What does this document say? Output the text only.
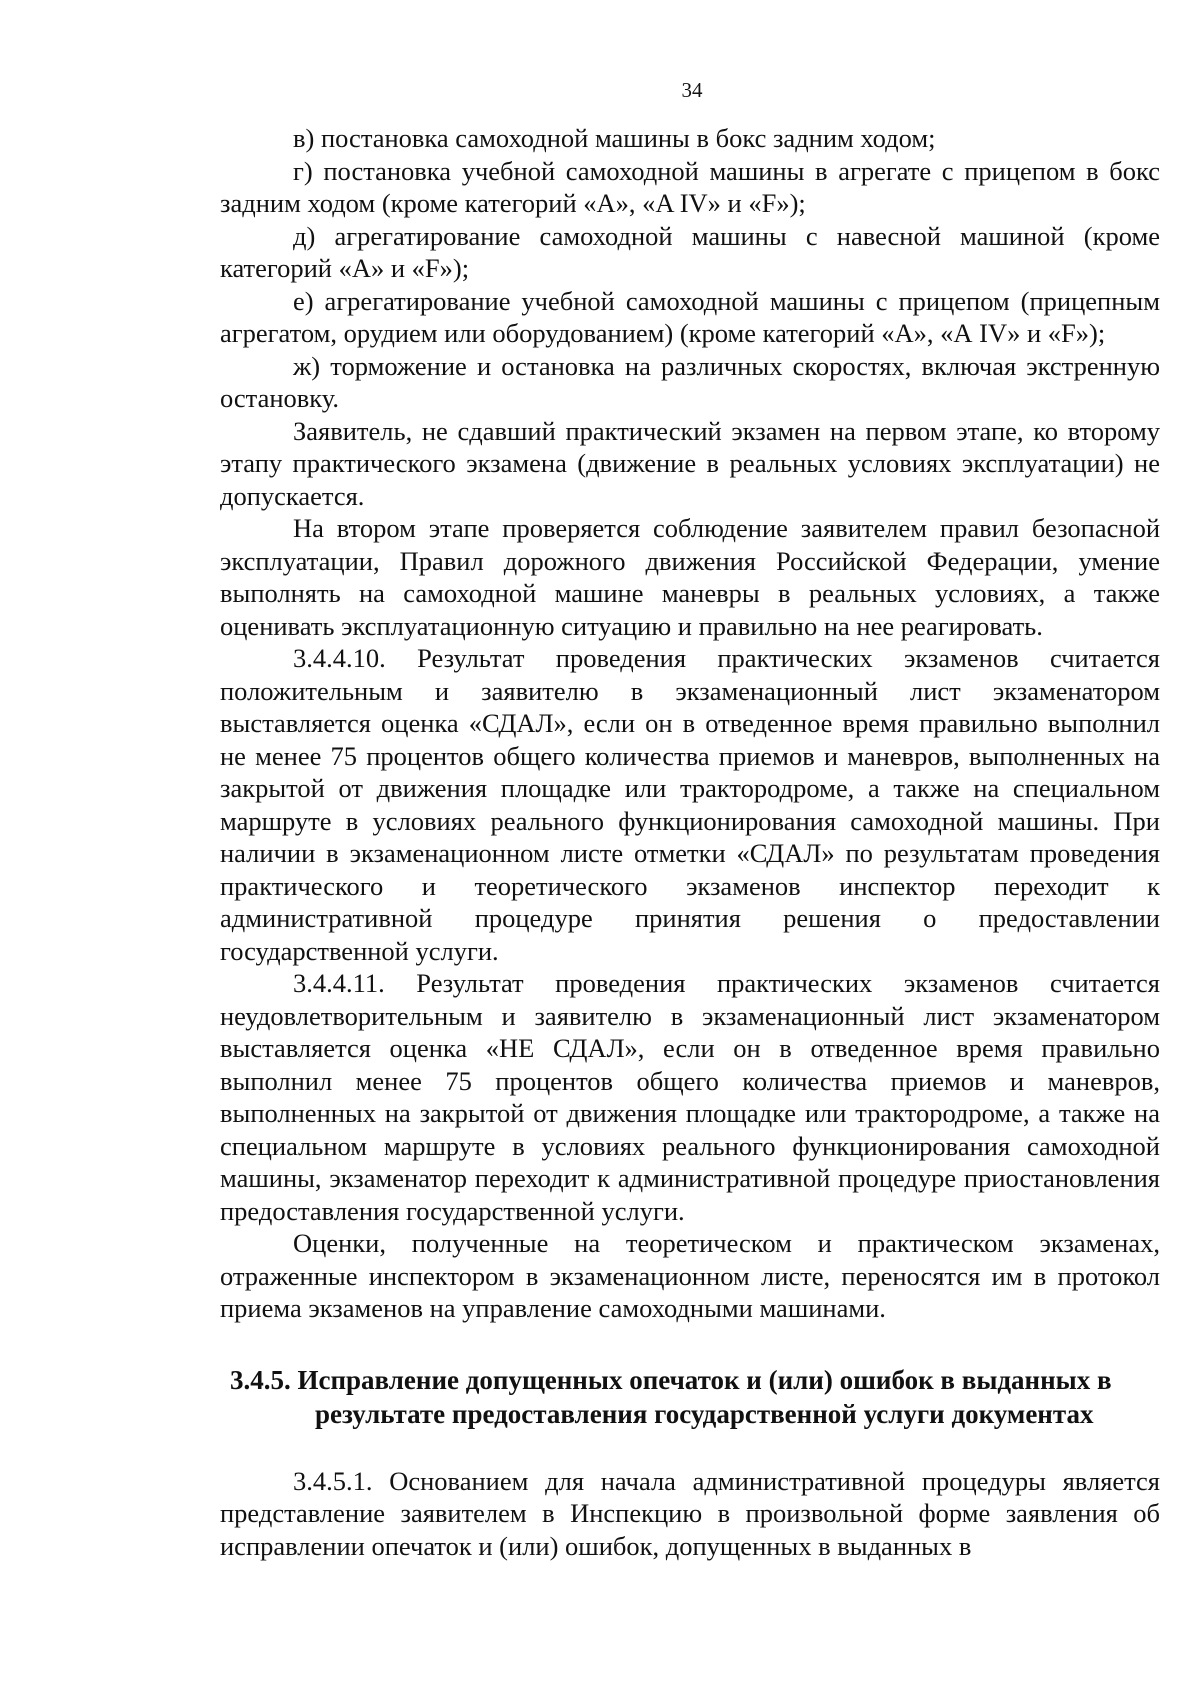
34

в) постановка самоходной машины в бокс задним ходом;

г) постановка учебной самоходной машины в агрегате с прицепом в бокс задним ходом (кроме категорий «А», «A IV» и «F»);

д) агрегатирование самоходной машины с навесной машиной (кроме категорий «А» и «F»);

е) агрегатирование учебной самоходной машины с прицепом (прицепным агрегатом, орудием или оборудованием) (кроме категорий «А», «А IV» и «F»);

ж) торможение и остановка на различных скоростях, включая экстренную остановку.

Заявитель, не сдавший практический экзамен на первом этапе, ко второму этапу практического экзамена (движение в реальных условиях эксплуатации) не допускается.

На втором этапе проверяется соблюдение заявителем правил безопасной эксплуатации, Правил дорожного движения Российской Федерации, умение выполнять на самоходной машине маневры в реальных условиях, а также оценивать эксплуатационную ситуацию и правильно на нее реагировать.

3.4.4.10. Результат проведения практических экзаменов считается положительным и заявителю в экзаменационный лист экзаменатором выставляется оценка «СДАЛ», если он в отведенное время правильно выполнил не менее 75 процентов общего количества приемов и маневров, выполненных на закрытой от движения площадке или трактородроме, а также на специальном маршруте в условиях реального функционирования самоходной машины. При наличии в экзаменационном листе отметки «СДАЛ» по результатам проведения практического и теоретического экзаменов инспектор переходит к административной процедуре принятия решения о предоставлении государственной услуги.

3.4.4.11. Результат проведения практических экзаменов считается неудовлетворительным и заявителю в экзаменационный лист экзаменатором выставляется оценка «НЕ СДАЛ», если он в отведенное время правильно выполнил менее 75 процентов общего количества приемов и маневров, выполненных на закрытой от движения площадке или трактородроме, а также на специальном маршруте в условиях реального функционирования самоходной машины, экзаменатор переходит к административной процедуре приостановления предоставления государственной услуги.

Оценки, полученные на теоретическом и практическом экзаменах, отраженные инспектором в экзаменационном листе, переносятся им в протокол приема экзаменов на управление самоходными машинами.

3.4.5. Исправление допущенных опечаток и (или) ошибок в выданных в
результате предоставления государственной услуги документах

3.4.5.1. Основанием для начала административной процедуры является представление заявителем в Инспекцию в произвольной форме заявления об исправлении опечаток и (или) ошибок, допущенных в выданных в
